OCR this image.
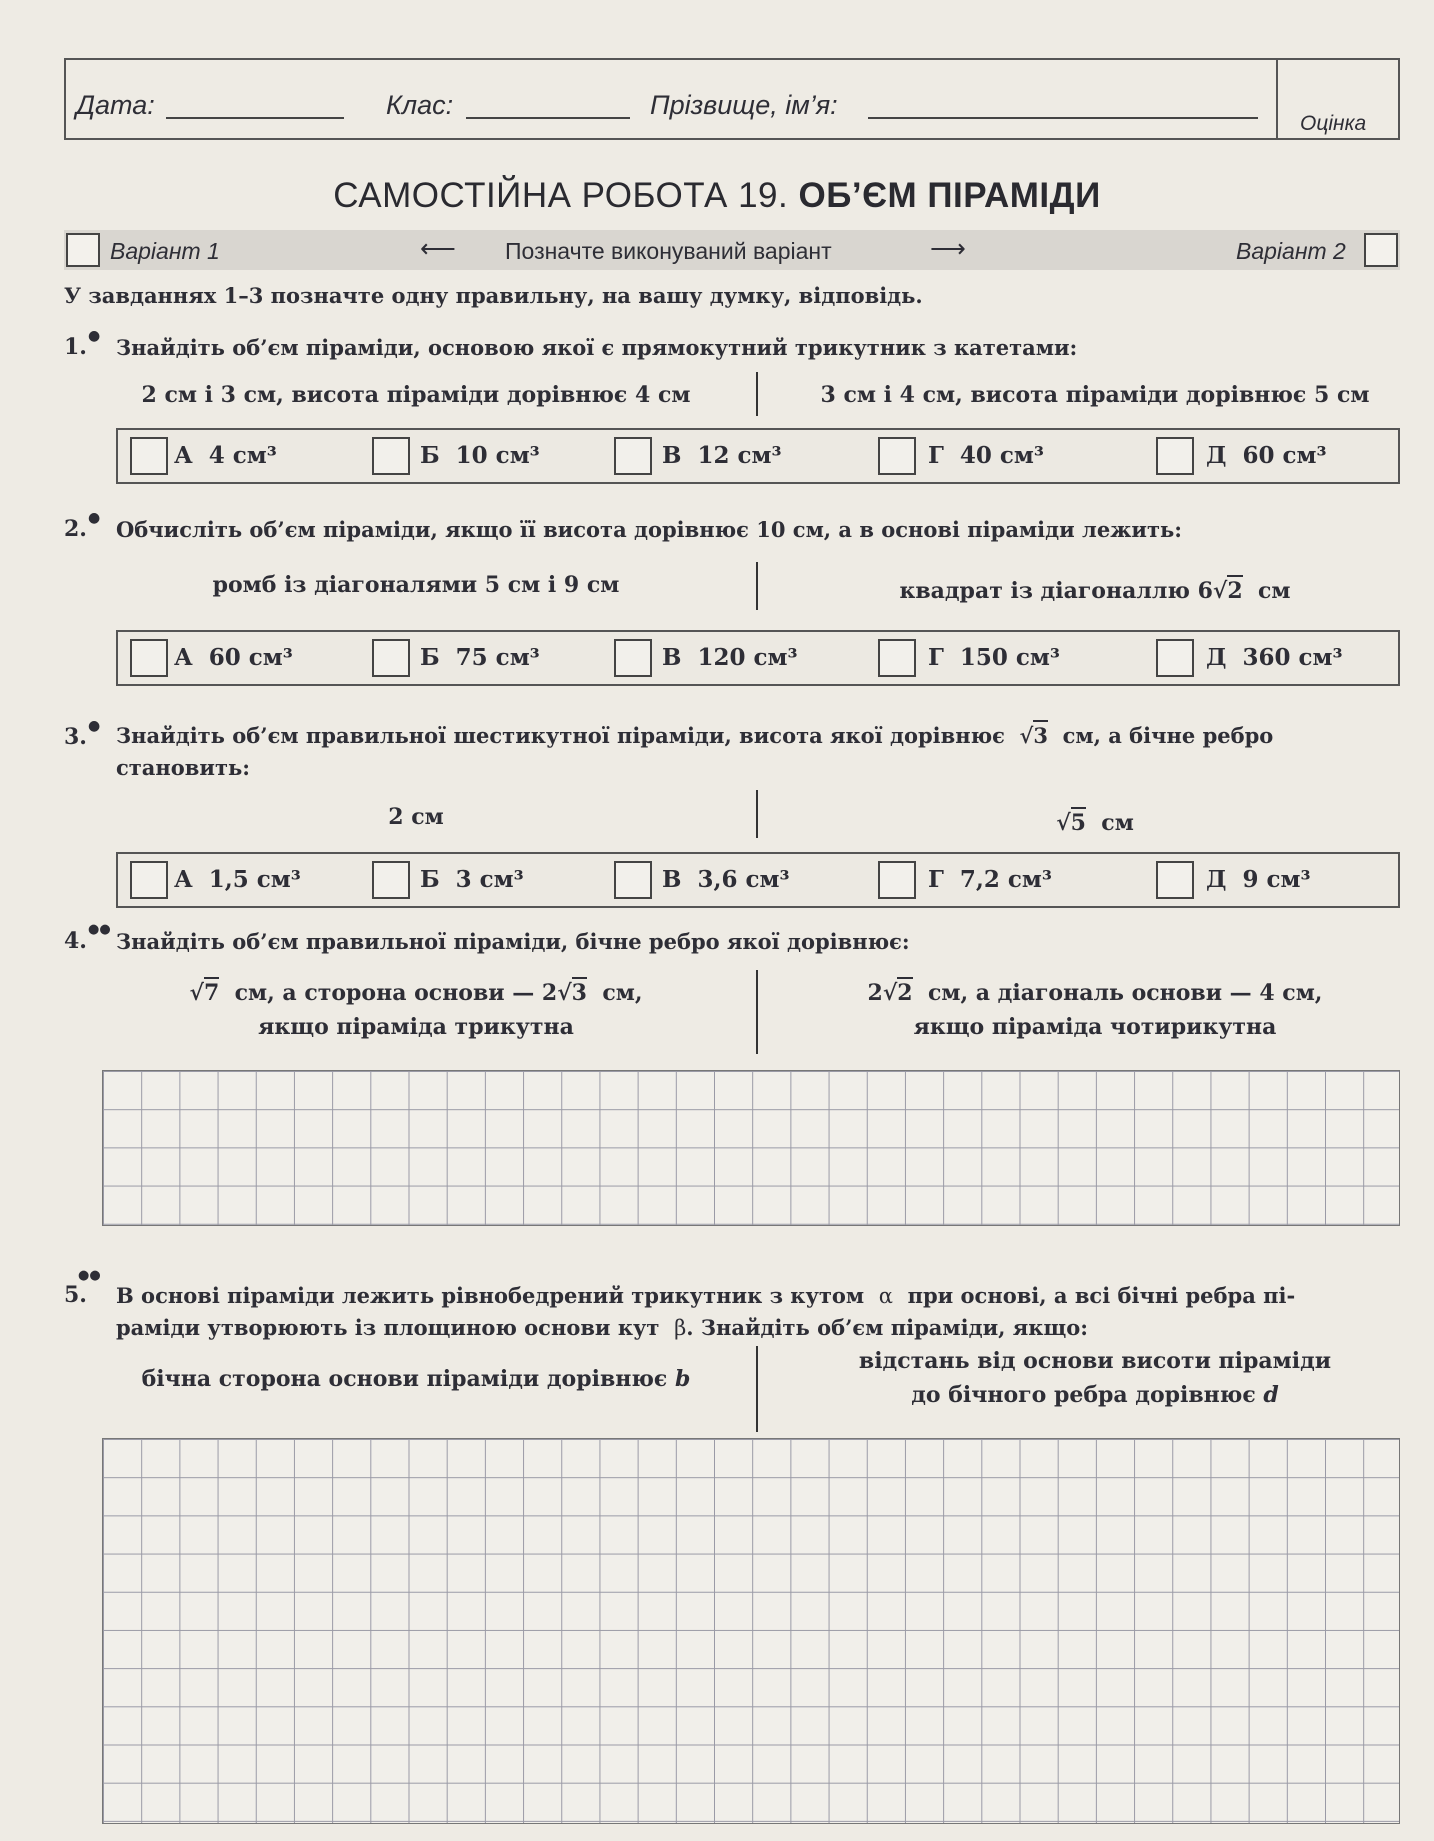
Дата:	Клас:	Прізвище, ім’я:
Оцінка
САМОСТІЙНА РОБОТА 19. ОБ’ЄМ ПІРАМІДИ
Варіант 1	⟵ Позначте виконуваний варіант	⟶	Варіант 2
У завданнях 1–3 позначте одну правильну, на вашу думку, відповідь.
1. ● Знайдіть об’єм піраміди, основою якої є прямокутний трикутник з катетами:
2 см і 3 см, висота піраміди дорівнює 4 см	3 см і 4 см, висота піраміди дорівнює 5 см
А 4 см³	Б 10 см³	В 12 см³	Г 40 см³	Д 60 см³
2. ● Обчисліть об’єм піраміди, якщо її висота дорівнює 10 см, а в основі піраміди лежить:
ромб із діагоналями 5 см і 9 см	квадрат із діагоналлю 6√2 см
А 60 см³	Б 75 см³	В 120 см³	Г 150 см³	Д 360 см³
3. ● Знайдіть об’єм правильної шестикутної піраміди, висота якої дорівнює √3 см, а бічне ребро
становить:
2 см	√5 см
А 1,5 см³	Б 3 см³	В 3,6 см³	Г 7,2 см³	Д 9 см³
4. ●● Знайдіть об’єм правильної піраміди, бічне ребро якої дорівнює:
√7 см, а сторона основи — 2√3 см,
якщо піраміда трикутна
2√2 см, а діагональ основи — 4 см,
якщо піраміда чотирикутна
5.
●●
В основі піраміди лежить рівнобедрений трикутник з кутом α при основі, а всі бічні ребра пі-
раміди утворюють із площиною основи кут β. Знайдіть об’єм піраміди, якщо:
бічна сторона основи піраміди дорівнює b
відстань від основи висоти піраміди
до бічного ребра дорівнює d
